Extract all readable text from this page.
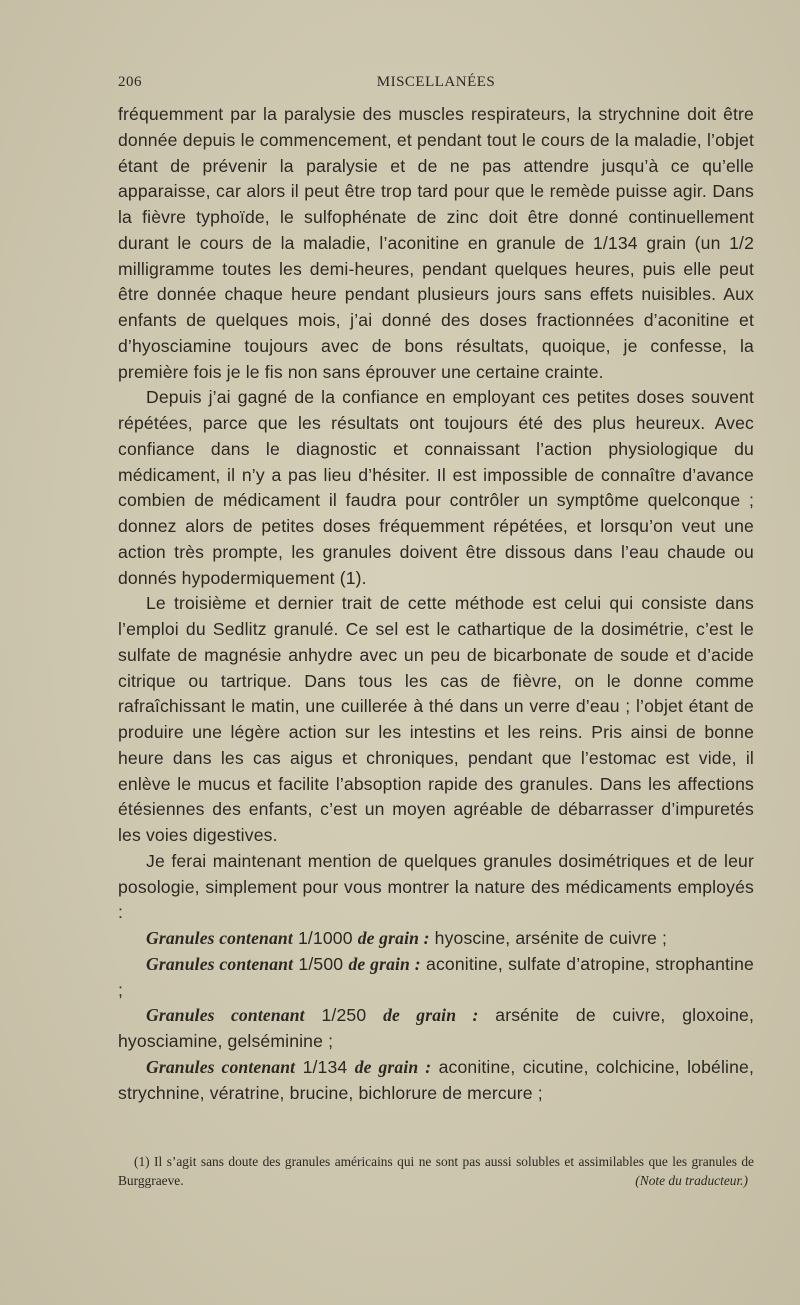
206	MISCELLANÉES

fréquemment par la paralysie des muscles respirateurs, la strychnine doit être donnée depuis le commencement, et pendant tout le cours de la maladie, l’objet étant de prévenir la paralysie et de ne pas attendre jusqu’à ce qu’elle apparaisse, car alors il peut être trop tard pour que le remède puisse agir. Dans la fièvre typhoïde, le sulfophénate de zinc doit être donné continuellement durant le cours de la maladie, l’aconitine en granule de 1/134 grain (un 1/2 milligramme toutes les demi-heures, pendant quelques heures, puis elle peut être donnée chaque heure pendant plusieurs jours sans effets nuisibles. Aux enfants de quelques mois, j’ai donné des doses fractionnées d’aconitine et d’hyosciamine toujours avec de bons résultats, quoique, je confesse, la première fois je le fis non sans éprouver une certaine crainte.

Depuis j’ai gagné de la confiance en employant ces petites doses souvent répétées, parce que les résultats ont toujours été des plus heureux. Avec confiance dans le diagnostic et connaissant l’action physiologique du médicament, il n’y a pas lieu d’hésiter. Il est impossible de connaître d’avance combien de médicament il faudra pour contrôler un symptôme quelconque ; donnez alors de petites doses fréquemment répétées, et lorsqu’on veut une action très prompte, les granules doivent être dissous dans l’eau chaude ou donnés hypodermiquement (1).

Le troisième et dernier trait de cette méthode est celui qui consiste dans l’emploi du Sedlitz granulé. Ce sel est le cathartique de la dosimétrie, c’est le sulfate de magnésie anhydre avec un peu de bicarbonate de soude et d’acide citrique ou tartrique. Dans tous les cas de fièvre, on le donne comme rafraîchissant le matin, une cuillerée à thé dans un verre d’eau ; l’objet étant de produire une légère action sur les intestins et les reins. Pris ainsi de bonne heure dans les cas aigus et chroniques, pendant que l’estomac est vide, il enlève le mucus et facilite l’absoption rapide des granules. Dans les affections étésiennes des enfants, c’est un moyen agréable de débarrasser d’impuretés les voies digestives.

Je ferai maintenant mention de quelques granules dosimétriques et de leur posologie, simplement pour vous montrer la nature des médicaments employés :

Granules contenant 1/1000 de grain : hyoscine, arsénite de cuivre ;

Granules contenant 1/500 de grain : aconitine, sulfate d’atropine, strophantine ;

Granules contenant 1/250 de grain : arsénite de cuivre, gloxoine, hyosciamine, gelséminine ;

Granules contenant 1/134 de grain : aconitine, cicutine, colchicine, lobéline, strychnine, vératrine, brucine, bichlorure de mercure ;

(1) Il s’agit sans doute des granules américains qui ne sont pas aussi solubles et assimilables que les granules de Burggraeve.	(Note du traducteur.)
